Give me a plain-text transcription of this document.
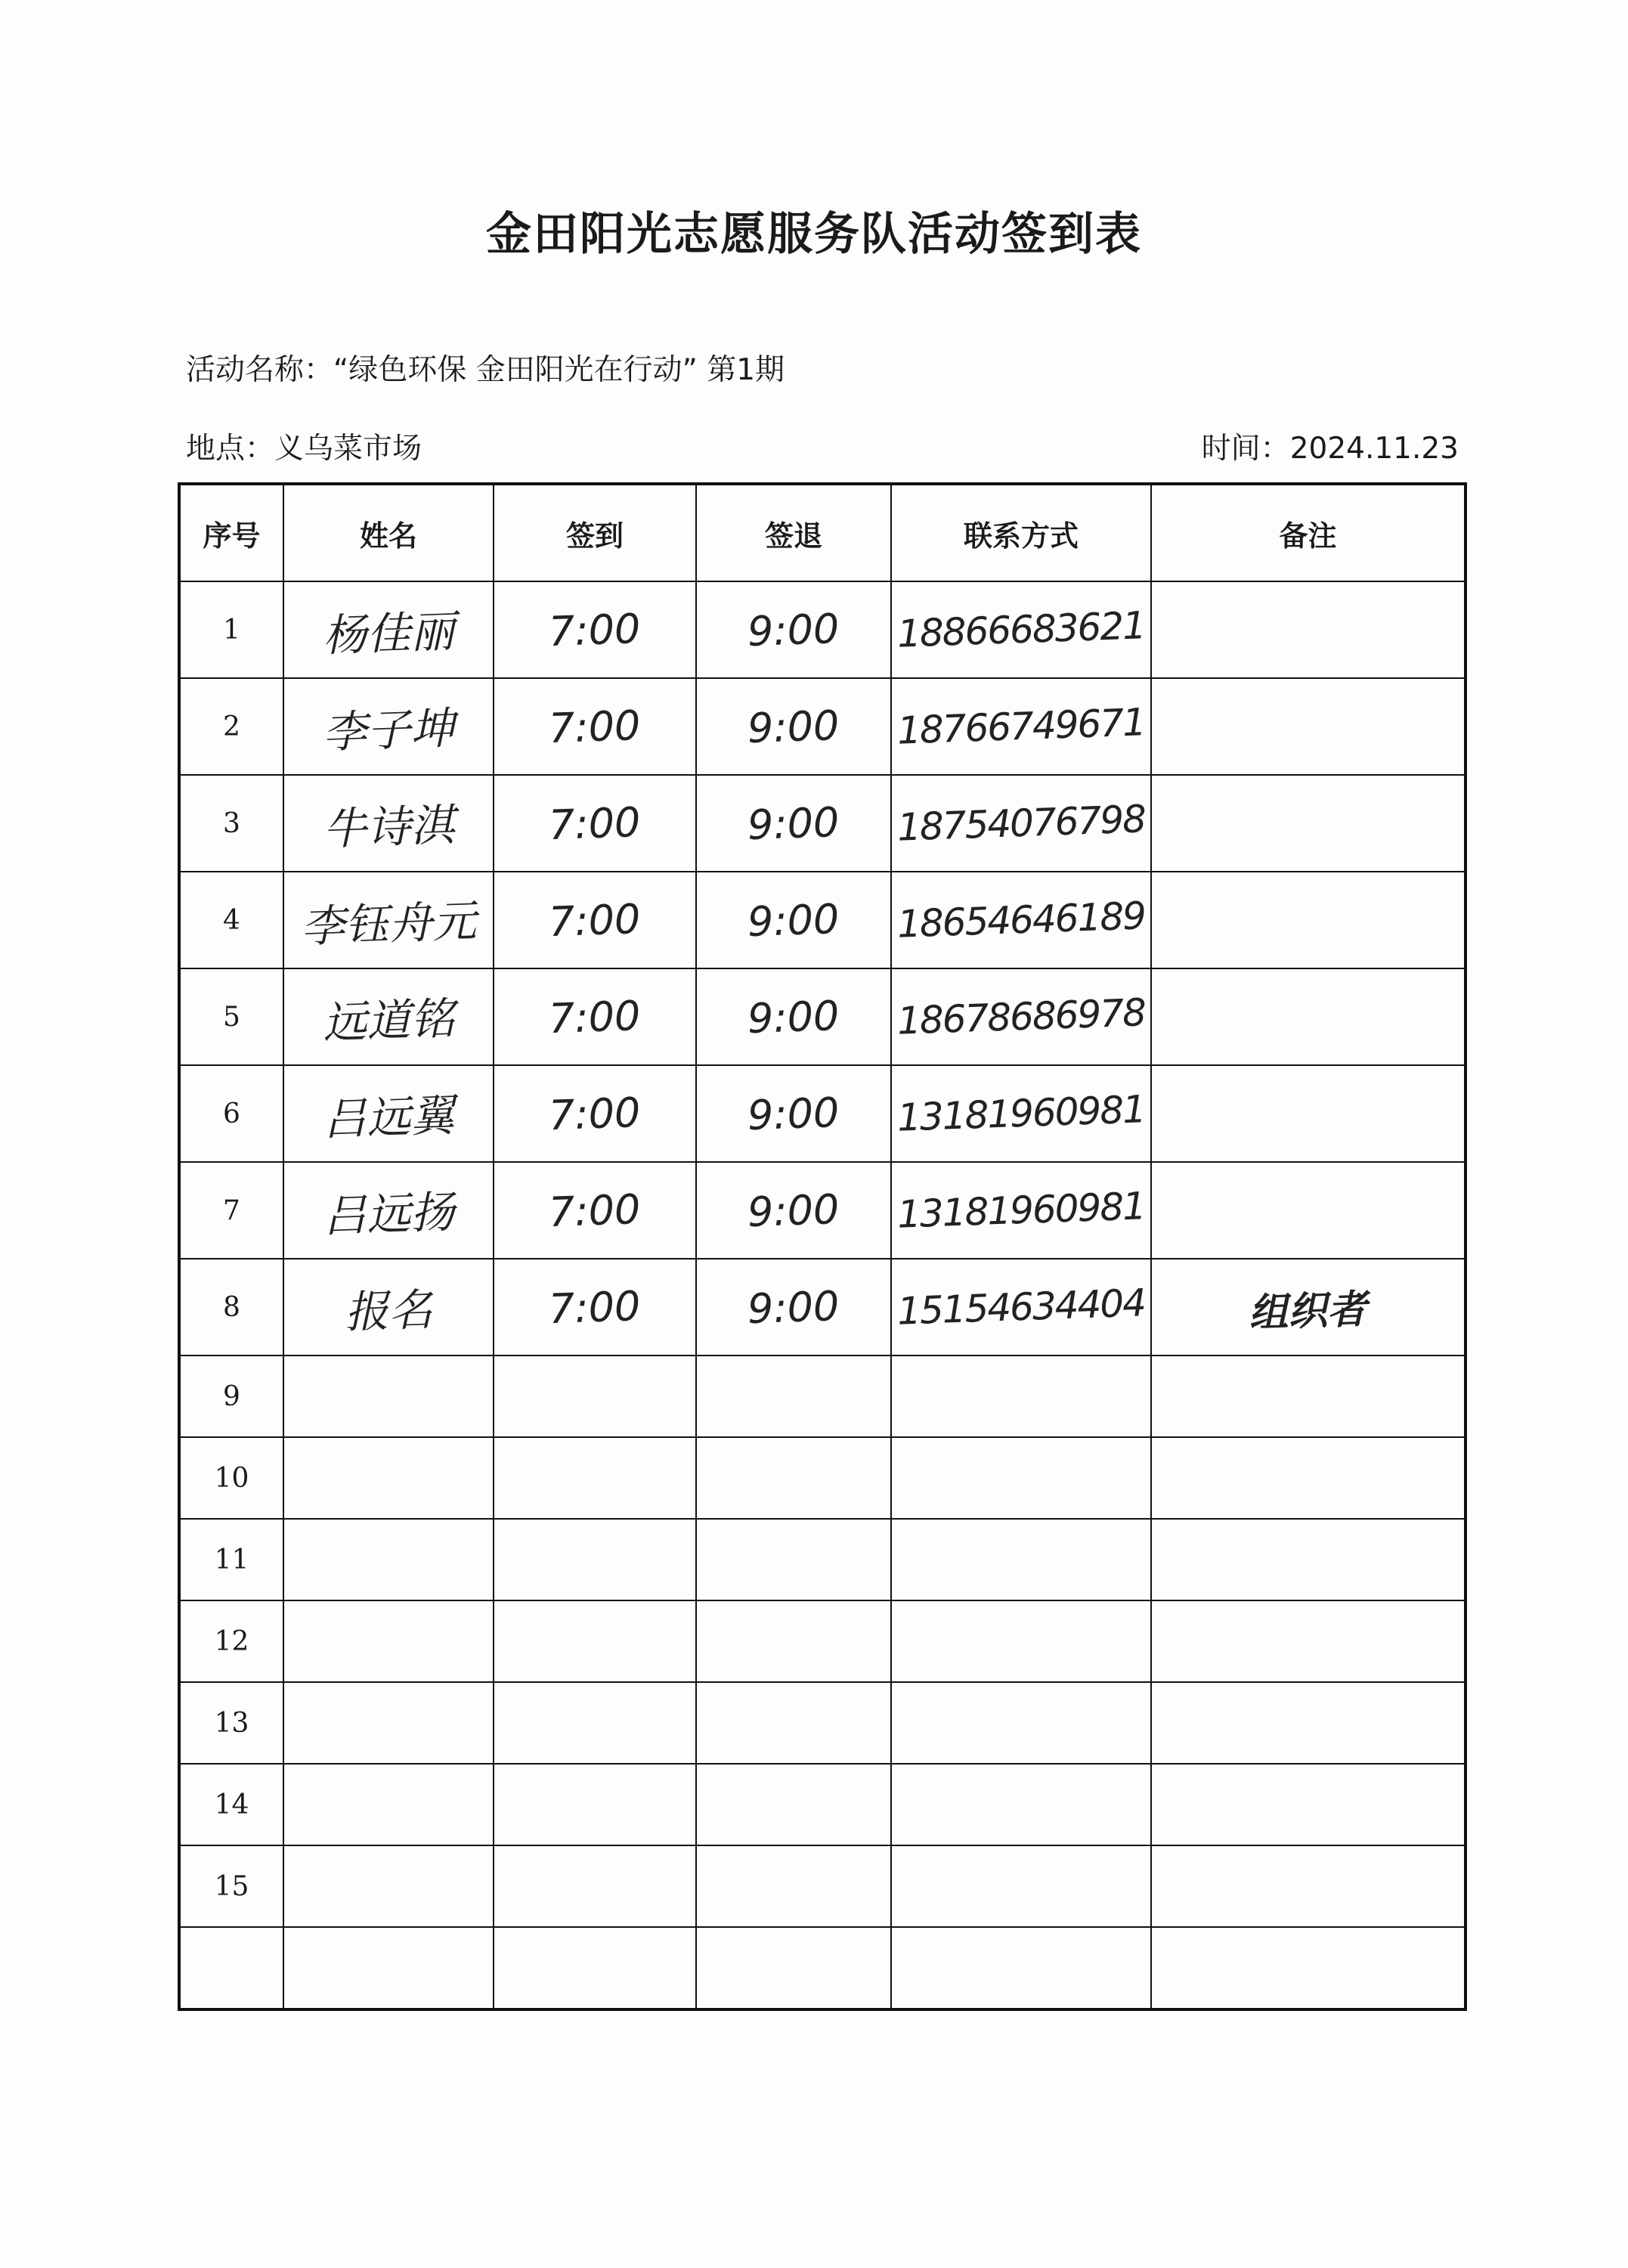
金田阳光志愿服务队活动签到表
活动名称：“绿色环保 金田阳光在行动” 第1期
地点：义乌菜市场	时间：2024.11.23
序号	姓名	签到	签退	联系方式	备注
1	杨佳丽	7:00	9:00	18866683621	
2	李子坤	7:00	9:00	18766749671	
3	牛诗淇	7:00	9:00	18754076798	
4	李钰舟元	7:00	9:00	18654646189	
5	远道铭	7:00	9:00	18678686978	
6	吕远翼	7:00	9:00	13181960981	
7	吕远扬	7:00	9:00	13181960981	
8	报名	7:00	9:00	15154634404	组织者
9					
10					
11					
12					
13					
14					
15					
